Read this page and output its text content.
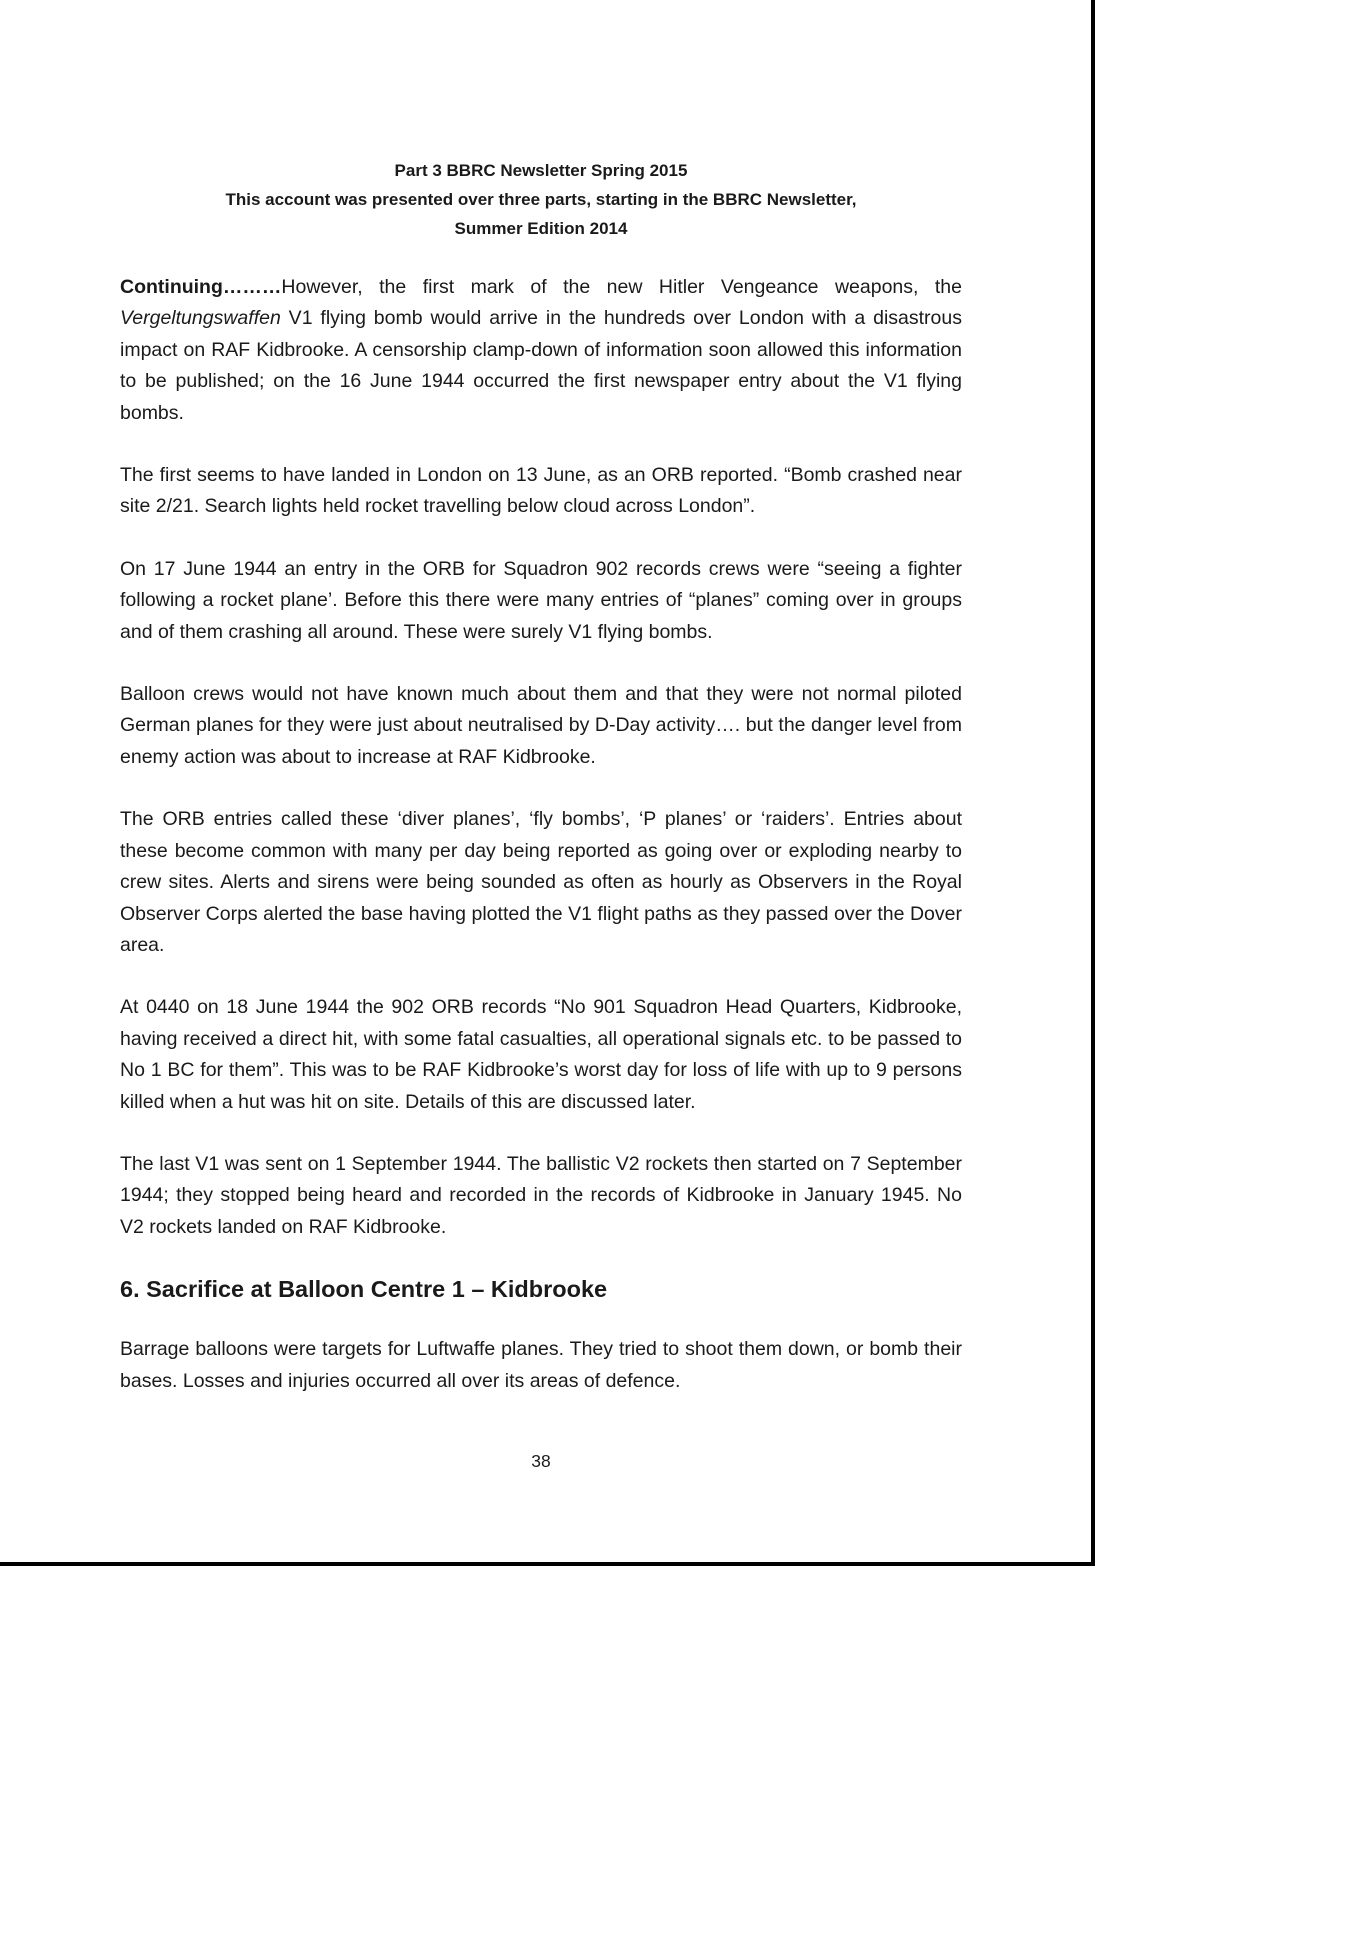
Part 3 BBRC Newsletter Spring 2015
This account was presented over three parts, starting in the BBRC Newsletter,
Summer Edition 2014

Continuing………However, the first mark of the new Hitler Vengeance weapons, the Vergeltungswaffen V1 flying bomb would arrive in the hundreds over London with a disastrous impact on RAF Kidbrooke. A censorship clamp-down of information soon allowed this information to be published; on the 16 June 1944 occurred the first newspaper entry about the V1 flying bombs.

The first seems to have landed in London on 13 June, as an ORB reported. “Bomb crashed near site 2/21. Search lights held rocket travelling below cloud across London”.

On 17 June 1944 an entry in the ORB for Squadron 902 records crews were “seeing a fighter following a rocket plane’. Before this there were many entries of “planes” coming over in groups and of them crashing all around. These were surely V1 flying bombs.

Balloon crews would not have known much about them and that they were not normal piloted German planes for they were just about neutralised by D-Day activity…. but the danger level from enemy action was about to increase at RAF Kidbrooke.

The ORB entries called these ‘diver planes’, ‘fly bombs’, ‘P planes’ or ‘raiders’. Entries about these become common with many per day being reported as going over or exploding nearby to crew sites. Alerts and sirens were being sounded as often as hourly as Observers in the Royal Observer Corps alerted the base having plotted the V1 flight paths as they passed over the Dover area.

At 0440 on 18 June 1944 the 902 ORB records “No 901 Squadron Head Quarters, Kidbrooke, having received a direct hit, with some fatal casualties, all operational signals etc. to be passed to No 1 BC for them”. This was to be RAF Kidbrooke’s worst day for loss of life with up to 9 persons killed when a hut was hit on site. Details of this are discussed later.

The last V1 was sent on 1 September 1944. The ballistic V2 rockets then started on 7 September 1944; they stopped being heard and recorded in the records of Kidbrooke in January 1945. No V2 rockets landed on RAF Kidbrooke.

6. Sacrifice at Balloon Centre 1 – Kidbrooke

Barrage balloons were targets for Luftwaffe planes. They tried to shoot them down, or bomb their bases. Losses and injuries occurred all over its areas of defence.

38
